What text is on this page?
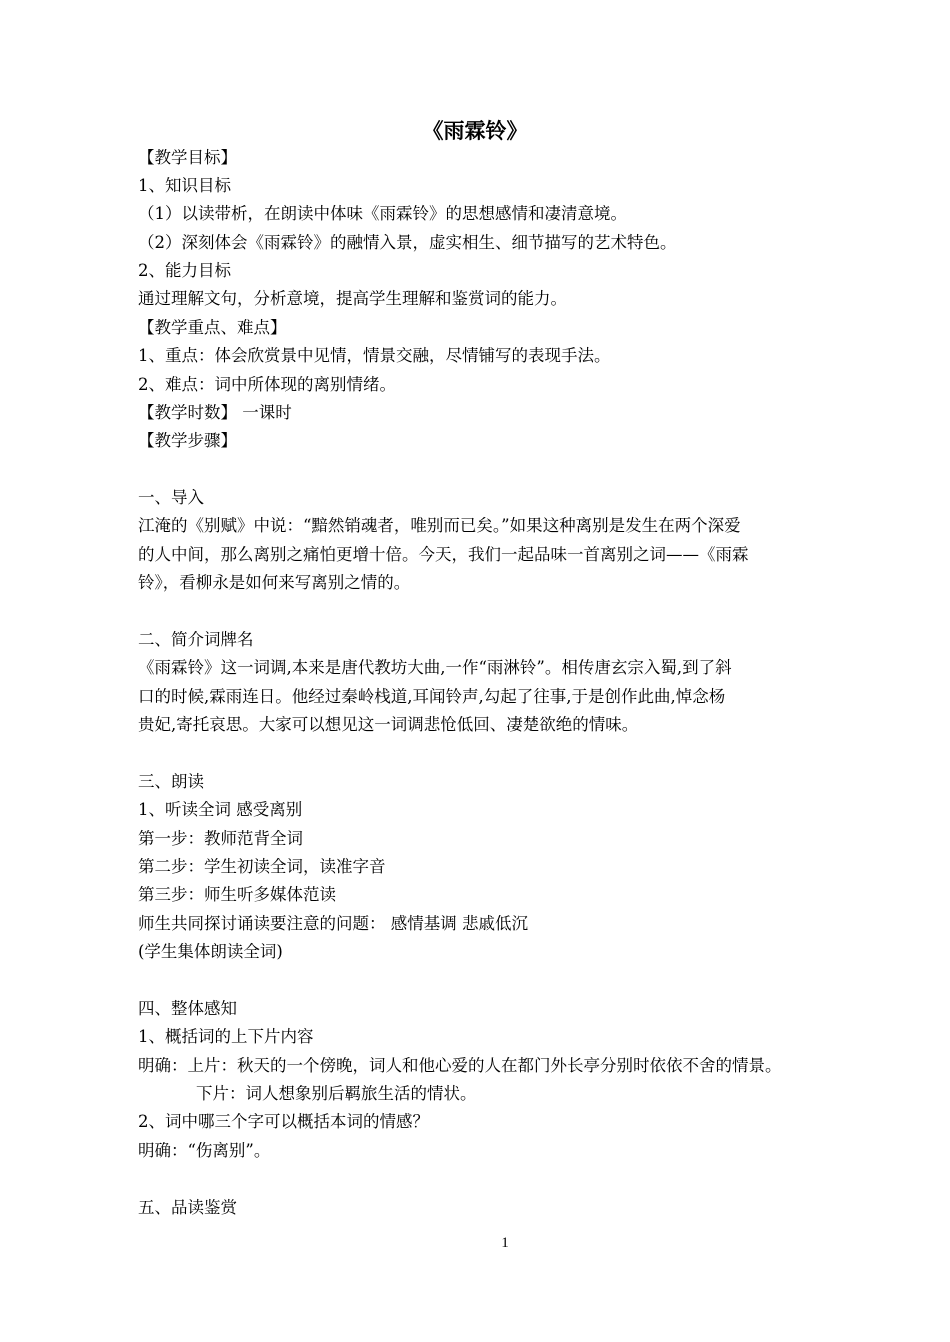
《雨霖铃》
【教学目标】
1、知识目标
（1）以读带析，在朗读中体味《雨霖铃》的思想感情和凄清意境。
（2）深刻体会《雨霖铃》的融情入景，虚实相生、细节描写的艺术特色。
2、能力目标
通过理解文句，分析意境，提高学生理解和鉴赏词的能力。
【教学重点、难点】
1、重点：体会欣赏景中见情，情景交融，尽情铺写的表现手法。
2、难点：词中所体现的离别情绪。
【教学时数】 一课时
【教学步骤】
一、导入
江淹的《别赋》中说：“黯然销魂者，唯别而已矣。”如果这种离别是发生在两个深爱
的人中间，那么离别之痛怕更增十倍。今天，我们一起品味一首离别之词——《雨霖
铃》，看柳永是如何来写离别之情的。
二、简介词牌名
《雨霖铃》这一词调,本来是唐代教坊大曲,一作“雨淋铃”。相传唐玄宗入蜀,到了斜
口的时候,霖雨连日。他经过秦岭栈道,耳闻铃声,勾起了往事,于是创作此曲,悼念杨
贵妃,寄托哀思。大家可以想见这一词调悲怆低回、凄楚欲绝的情味。
三、朗读
1、听读全词 感受离别
第一步：教师范背全词
第二步：学生初读全词，读准字音
第三步：师生听多媒体范读
师生共同探讨诵读要注意的问题： 感情基调 悲戚低沉
(学生集体朗读全词)
四、整体感知
1、概括词的上下片内容
明确：上片：秋天的一个傍晚，词人和他心爱的人在都门外长亭分别时依依不舍的情景。
下片：词人想象别后羁旅生活的情状。
2、词中哪三个字可以概括本词的情感？
明确：“伤离别”。
五、品读鉴赏
1
